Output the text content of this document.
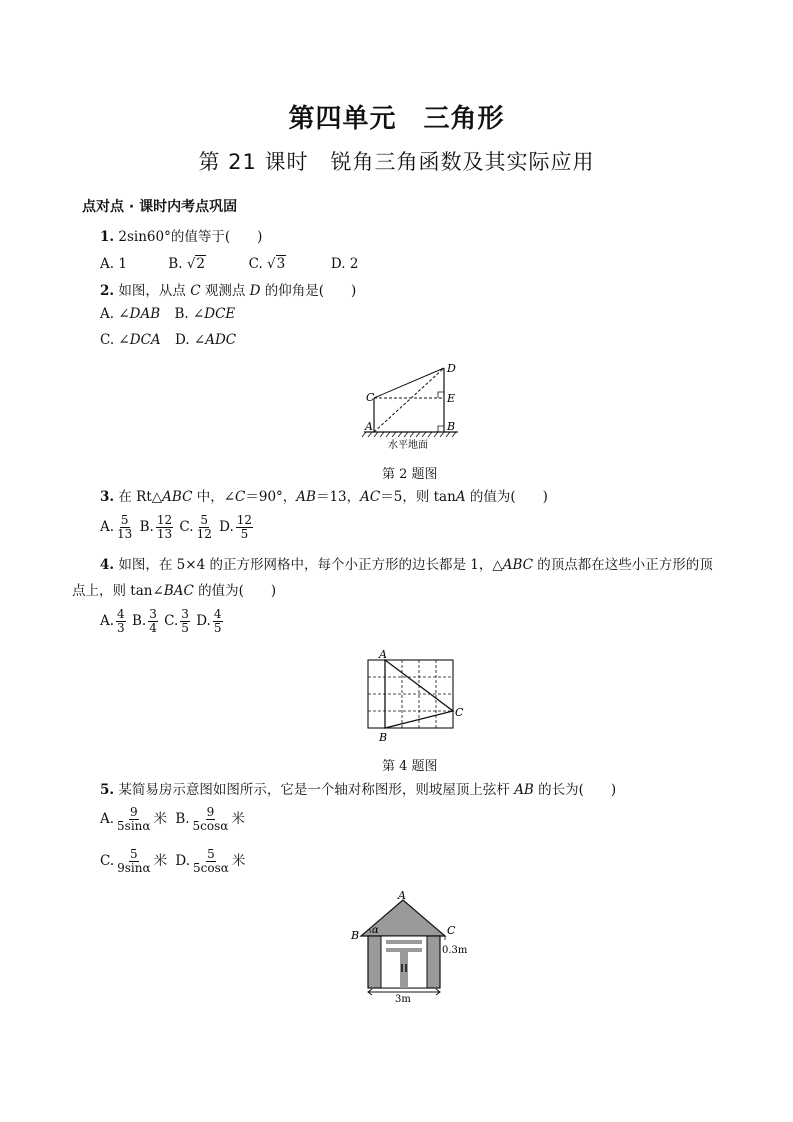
第四单元　三角形
第 21 课时　锐角三角函数及其实际应用
点对点 · 课时内考点巩固
1. 2sin60°的值等于(　　)
A. 1	B. √2	C. √3	D. 2
2. 如图，从点 C 观测点 D 的仰角是(　　)
A. ∠DAB B. ∠DCE
C. ∠DCA D. ∠ADC
C
D
E
A	B
水平地面
第 2 题图
3. 在 Rt△ABC 中，∠C＝90°，AB＝13，AC＝5，则 tanA 的值为(　　)
A. $\frac{5}{13} B$. $\frac{12}{13} C$. $\frac{5}{12} D$. $\frac{12}{5}$
4. 如图，在 5×4 的正方形网格中，每个小正方形的边长都是 1，△ABC 的顶点都在这些小正方形的顶
点上，则 tan∠BAC 的值为(　　)
A. $\frac{4}{3} B$. $\frac{3}{4} C$. $\frac{3}{5} D$. $\frac{4}{5}$
A
B
C
第 4 题图
5. 某简易房示意图如图所示，它是一个轴对称图形，则坡屋顶上弦杆 AB 的长为(　　)
A. $\frac{9}{5\sin\alpha}$ 米 B. $\frac{9}{5\cos\alpha}$ 米
C. $\frac{5}{9\sin\alpha}$ 米 D. $\frac{5}{5\cos\alpha}$ 米
A
B	C
α
0.3m
3m
